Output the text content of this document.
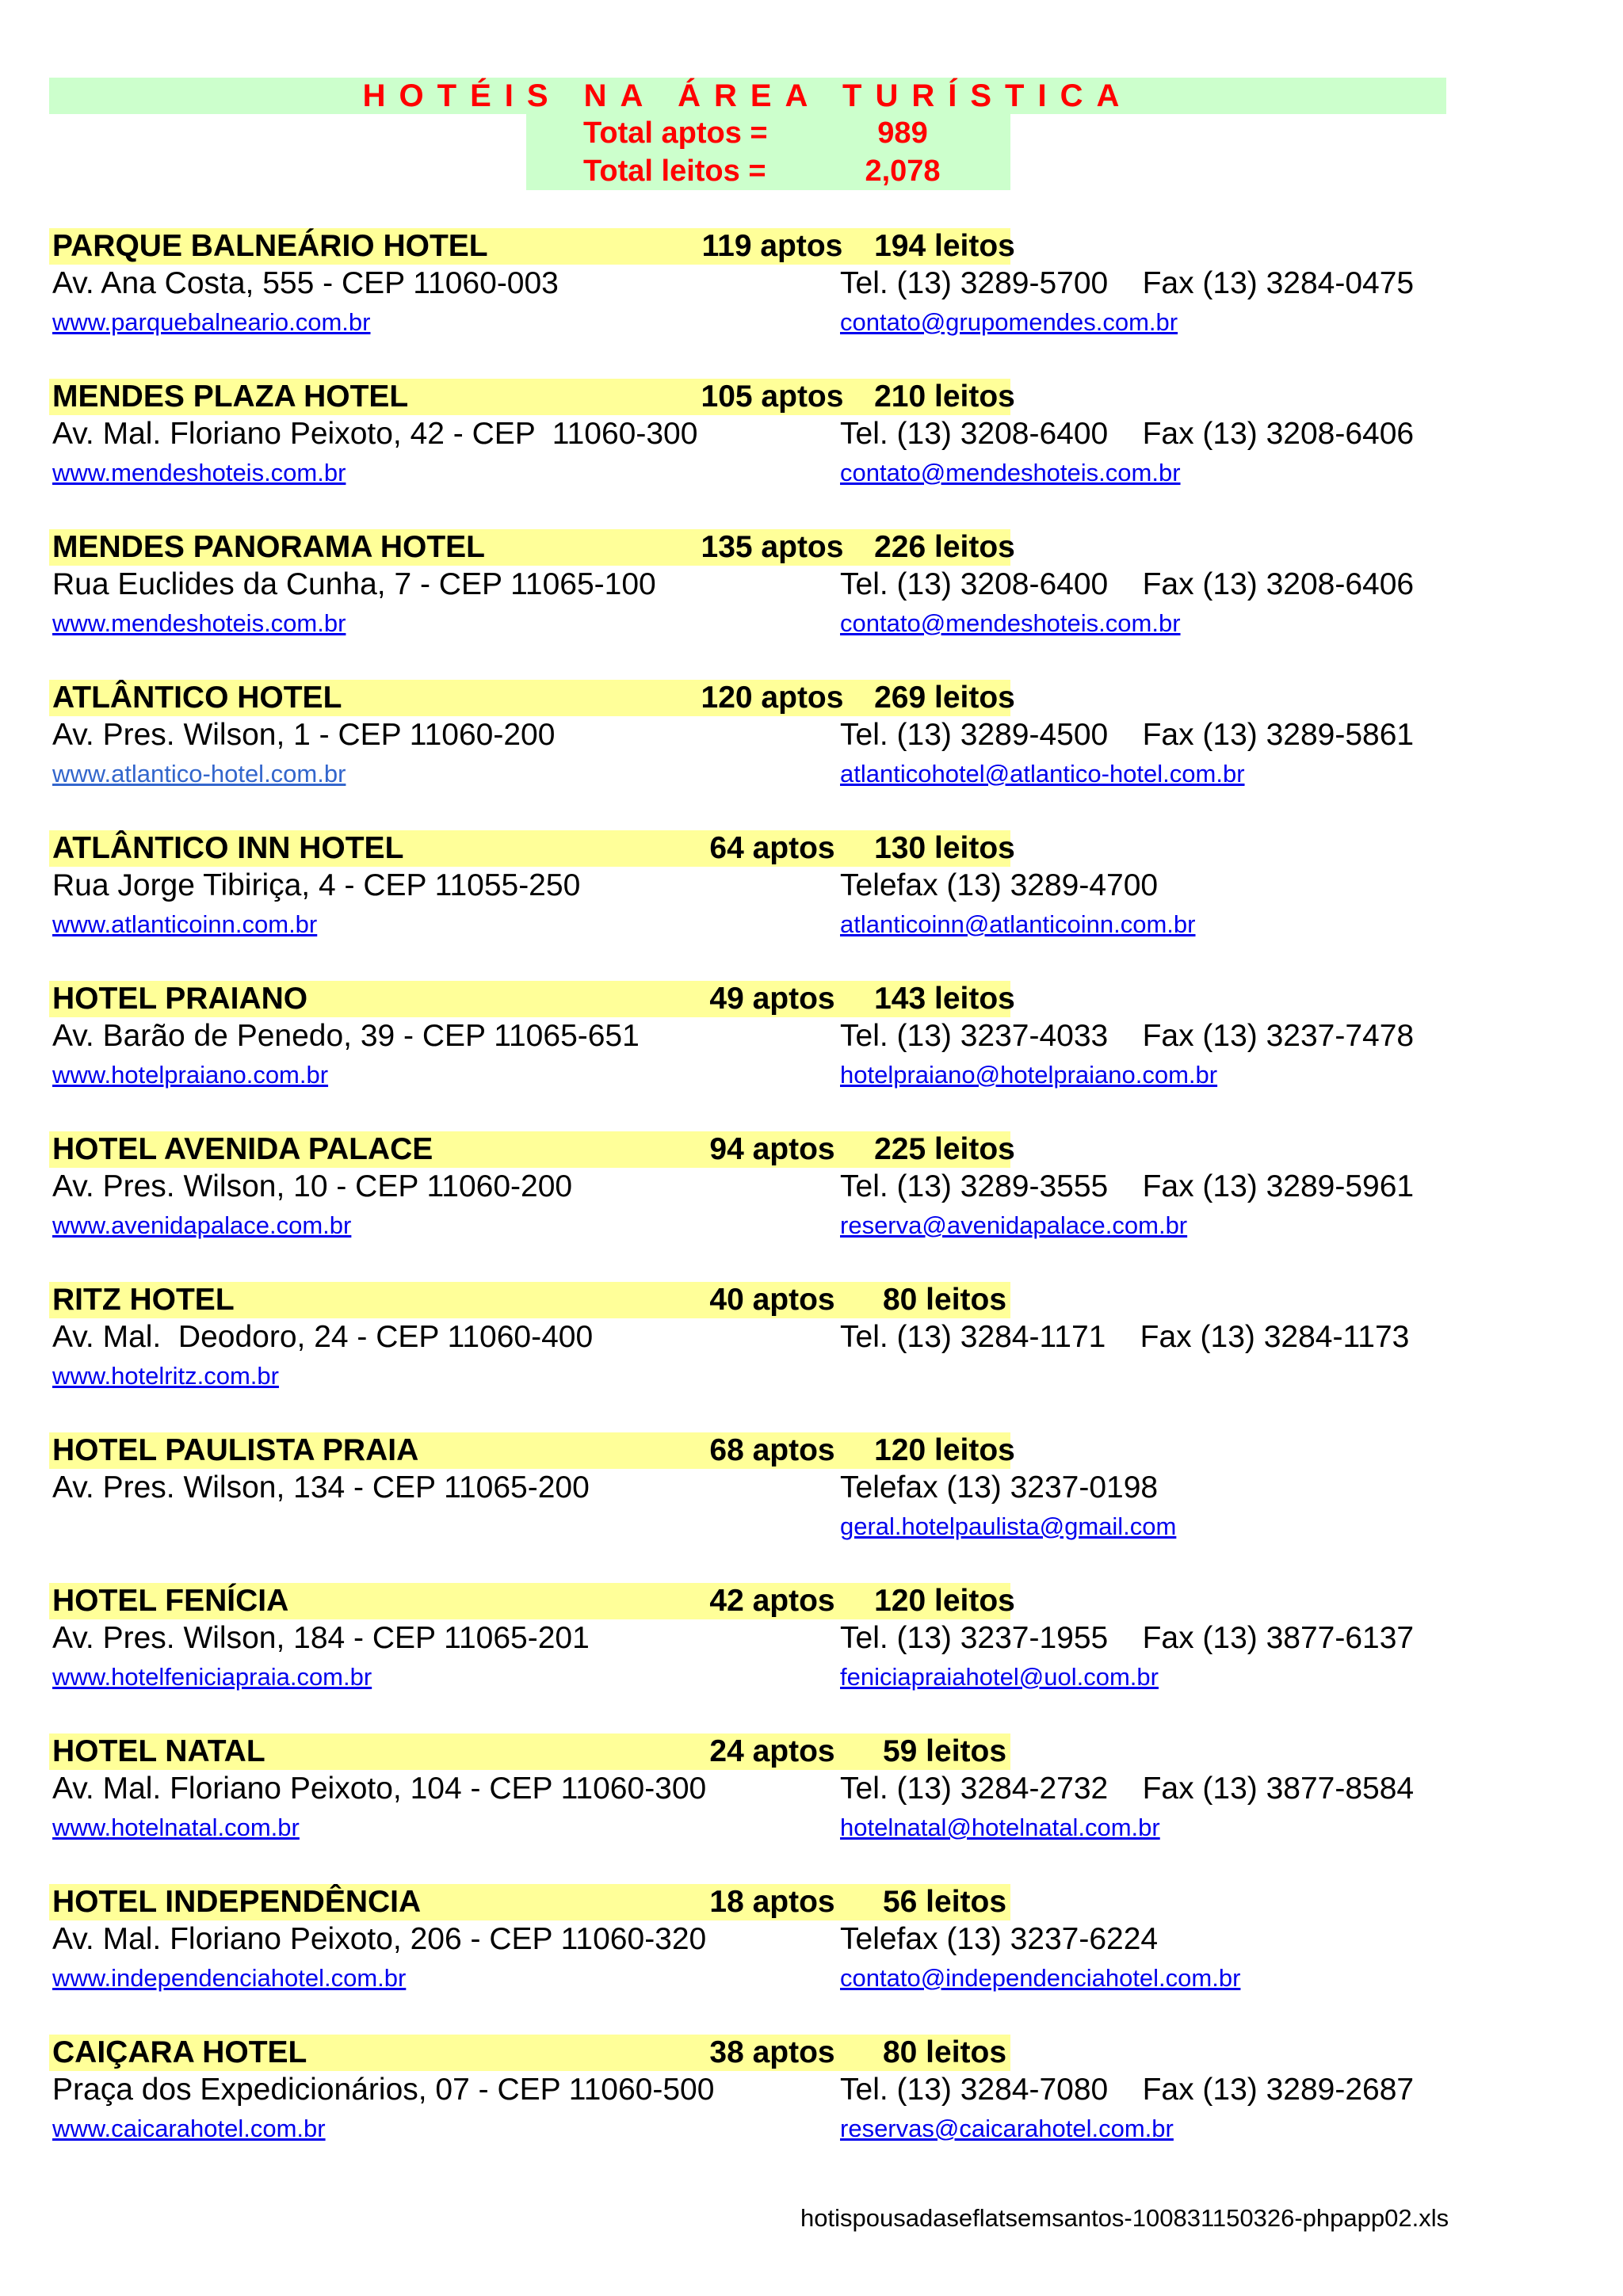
HOTÉIS NA ÁREA TURÍSTICA
Total aptos =	989
Total leitos =	2,078
PARQUE BALNEÁRIO HOTEL	119 aptos	194 leitos
Av. Ana Costa, 555 - CEP 11060-003	Tel. (13) 3289-5700    Fax (13) 3284-0475
www.parquebalneario.com.br	contato@grupomendes.com.br
MENDES PLAZA HOTEL	105 aptos 210 leitos
Av. Mal. Floriano Peixoto, 42 - CEP  11060-300	Tel. (13) 3208-6400    Fax (13) 3208-6406
www.mendeshoteis.com.br	contato@mendeshoteis.com.br
MENDES PANORAMA HOTEL	135 aptos 226 leitos
Rua Euclides da Cunha, 7 - CEP 11065-100	Tel. (13) 3208-6400    Fax (13) 3208-6406
www.mendeshoteis.com.br	contato@mendeshoteis.com.br
ATLÂNTICO HOTEL	120 aptos 269 leitos
Av. Pres. Wilson, 1 - CEP 11060-200	Tel. (13) 3289-4500    Fax (13) 3289-5861
www.atlantico-hotel.com.br	atlanticohotel@atlantico-hotel.com.br
ATLÂNTICO INN HOTEL	64 aptos	130 leitos
Rua Jorge Tibiriça, 4 - CEP 11055-250	Telefax (13) 3289-4700
www.atlanticoinn.com.br	atlanticoinn@atlanticoinn.com.br
HOTEL PRAIANO	49 aptos	143 leitos
Av. Barão de Penedo, 39 - CEP 11065-651	Tel. (13) 3237-4033    Fax (13) 3237-7478
www.hotelpraiano.com.br	hotelpraiano@hotelpraiano.com.br
HOTEL AVENIDA PALACE	94 aptos	225 leitos
Av. Pres. Wilson, 10 - CEP 11060-200	Tel. (13) 3289-3555    Fax (13) 3289-5961
www.avenidapalace.com.br	reserva@avenidapalace.com.br
RITZ HOTEL	40 aptos	80 leitos
Av. Mal.  Deodoro, 24 - CEP 11060-400	Tel. (13) 3284-1171    Fax (13) 3284-1173
www.hotelritz.com.br
HOTEL PAULISTA PRAIA	68 aptos	120 leitos
Av. Pres. Wilson, 134 - CEP 11065-200	Telefax (13) 3237-0198
geral.hotelpaulista@gmail.com
HOTEL FENÍCIA	42 aptos	120 leitos
Av. Pres. Wilson, 184 - CEP 11065-201	Tel. (13) 3237-1955    Fax (13) 3877-6137
www.hotelfeniciapraia.com.br	feniciapraiahotel@uol.com.br
HOTEL NATAL	24 aptos	59 leitos
Av. Mal. Floriano Peixoto, 104 - CEP 11060-300	Tel. (13) 3284-2732    Fax (13) 3877-8584
www.hotelnatal.com.br	hotelnatal@hotelnatal.com.br
HOTEL INDEPENDÊNCIA	18 aptos	56 leitos
Av. Mal. Floriano Peixoto, 206 - CEP 11060-320	Telefax (13) 3237-6224
www.independenciahotel.com.br	contato@independenciahotel.com.br
CAIÇARA HOTEL	38 aptos	80 leitos
Praça dos Expedicionários, 07 - CEP 11060-500	Tel. (13) 3284-7080    Fax (13) 3289-2687
www.caicarahotel.com.br	reservas@caicarahotel.com.br
hotispousadaseflatsemsantos-100831150326-phpapp02.xls
